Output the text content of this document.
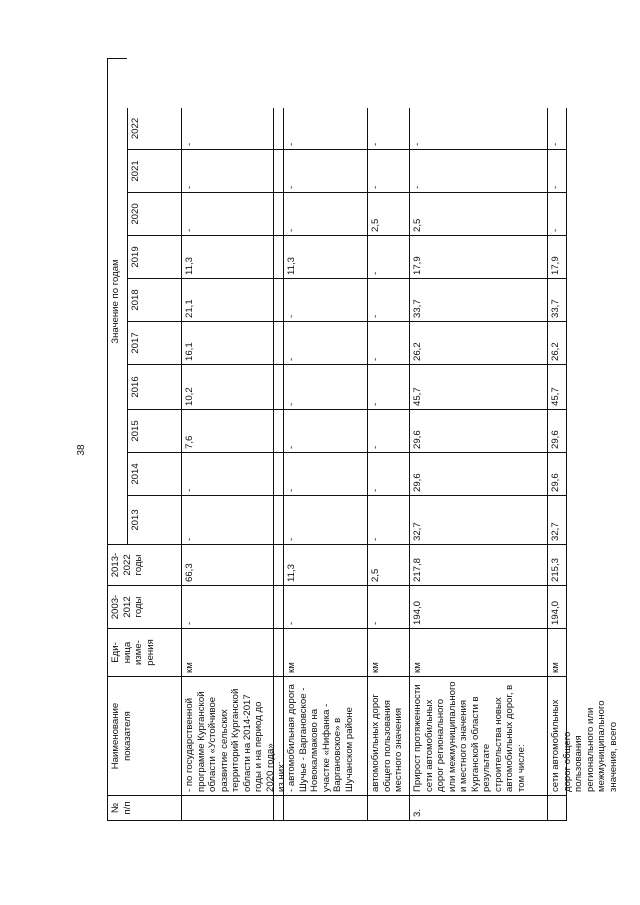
38
№ п/п
Наименование показателя
Еди-ница изме-рения
2003-2012 годы
2013-2022 годы
Значение по годам
2013
2014
2015
2016
2017
2018
2019
2020
2021
2022
- по государственной программе Курганской области «Устойчивое развитие сельских территорий Курганской области на 2014-2017 годы и на период до 2020 года»
км
-
66,3
-
-
7,6
10,2
16,1
21,1
11,3
-
-
-
из них: - автомобильная дорога Шучье - Варгановское - Новокалмаково на участке «Нифанка - Варгановское» в Шучанском районе
км
-
11,3
-
-
-
-
-
-
11,3
-
-
-
автомобильных дорог общего пользования местного значения
км
-
2,5
-
-
-
-
-
-
-
2,5
-
-
3.
Прирост протяженности сети автомобильных дорог регионального или межмуниципального и местного значения Курганской области в результате строительства новых автомобильных дорог, в том числе:
км
194,0
217,8
32,7
29,6
29,6
45,7
26,2
33,7
17,9
2,5
-
-
сети автомобильных дорог общего пользования регионального или межмуниципального значения, всего
км
194,0
215,3
32,7
29,6
29,6
45,7
26,2
33,7
17,9
-
-
-
